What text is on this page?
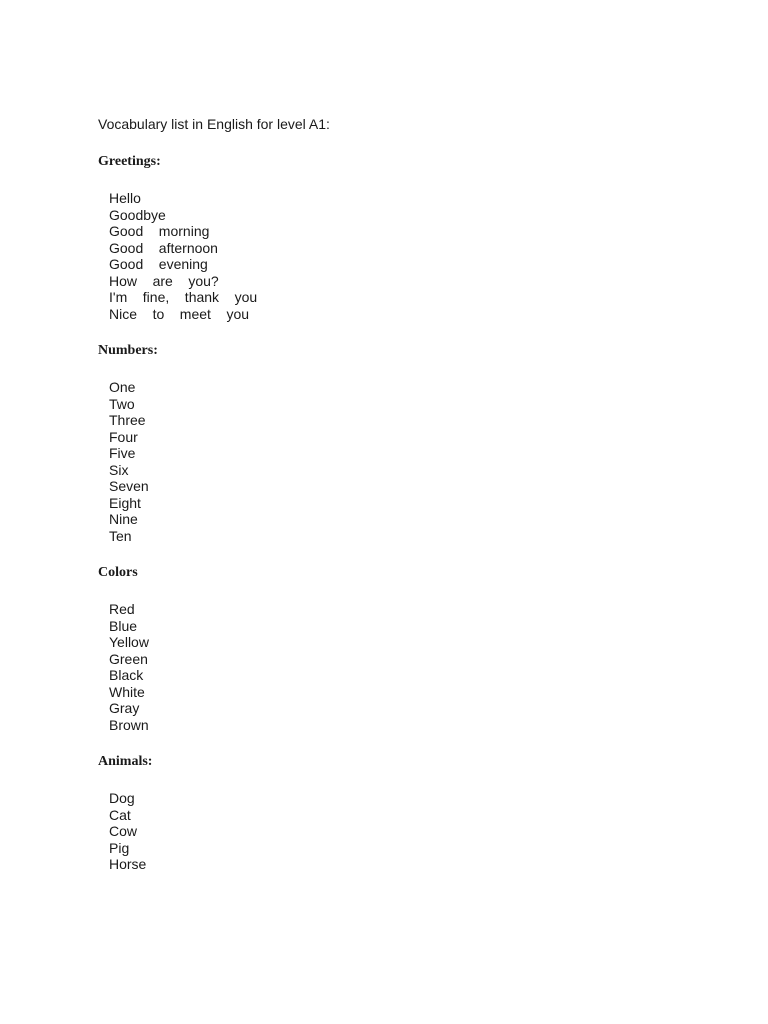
Vocabulary list in English for level A1:

Greetings:

Hello
Goodbye
Good    morning
Good    afternoon
Good    evening
How    are    you?
I'm    fine,    thank    you
Nice    to    meet    you

Numbers:

One
Two
Three
Four
Five
Six
Seven
Eight
Nine
Ten

Colors

Red
Blue
Yellow
Green
Black
White
Gray
Brown

Animals:

Dog
Cat
Cow
Pig
Horse
